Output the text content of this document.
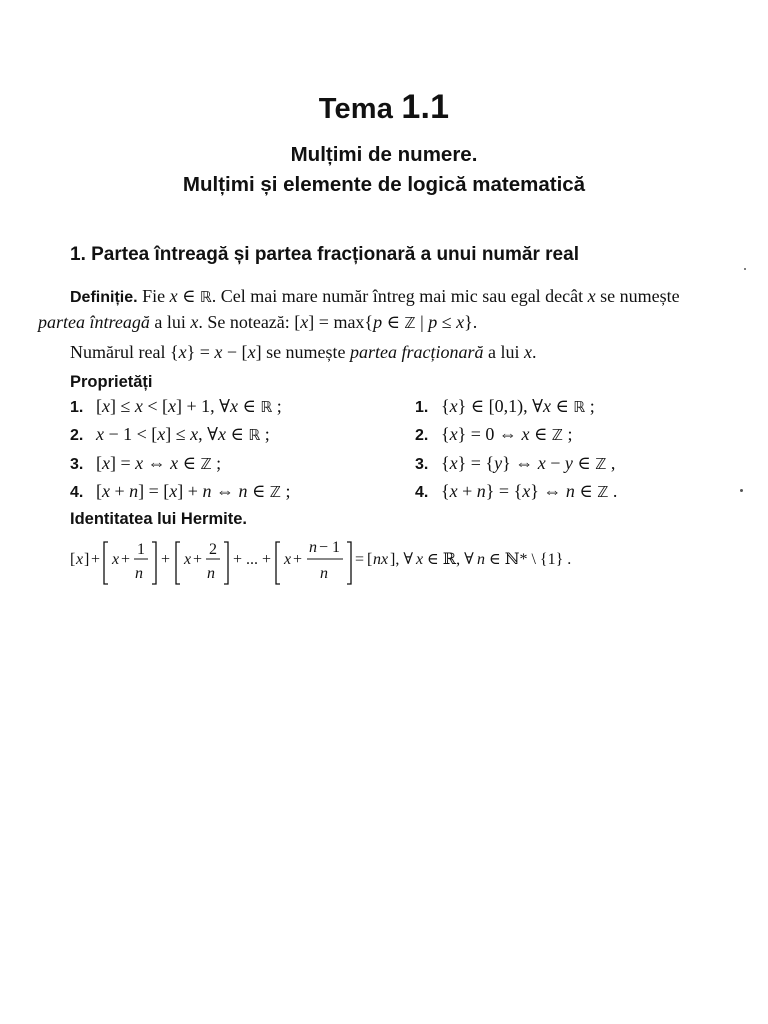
Tema 1.1
Mulțimi de numere.
Mulțimi și elemente de logică matematică
1. Partea întreagă și partea fracționară a unui număr real
Definiție. Fie x ∈ ℝ. Cel mai mare număr întreg mai mic sau egal decât x se numește
partea întreagă a lui x. Se notează: [x] = max{p ∈ ℤ | p ≤ x}.
Numărul real {x} = x − [x] se numește partea fracționară a lui x.
Proprietăți
1. [x] ≤ x < [x] + 1, ∀x ∈ ℝ ;
2. x − 1 < [x] ≤ x, ∀x ∈ ℝ ;
3. [x] = x ⇔ x ∈ ℤ ;
4. [x + n] = [x] + n ⇔ n ∈ ℤ ;
1. {x} ∈ [0,1), ∀x ∈ ℝ ;
2. {x} = 0 ⇔ x ∈ ℤ ;
3. {x} = {y} ⇔ x − y ∈ ℤ ,
4. {x + n} = {x} ⇔ n ∈ ℤ .
Identitatea lui Hermite.
[ x ] + x +
1
n
+ x +
2
n
+ ... + x +
n − 1
n
= [ nx ], ∀ x ∈ ℝ, ∀ n ∈ ℕ* \ {1} .
